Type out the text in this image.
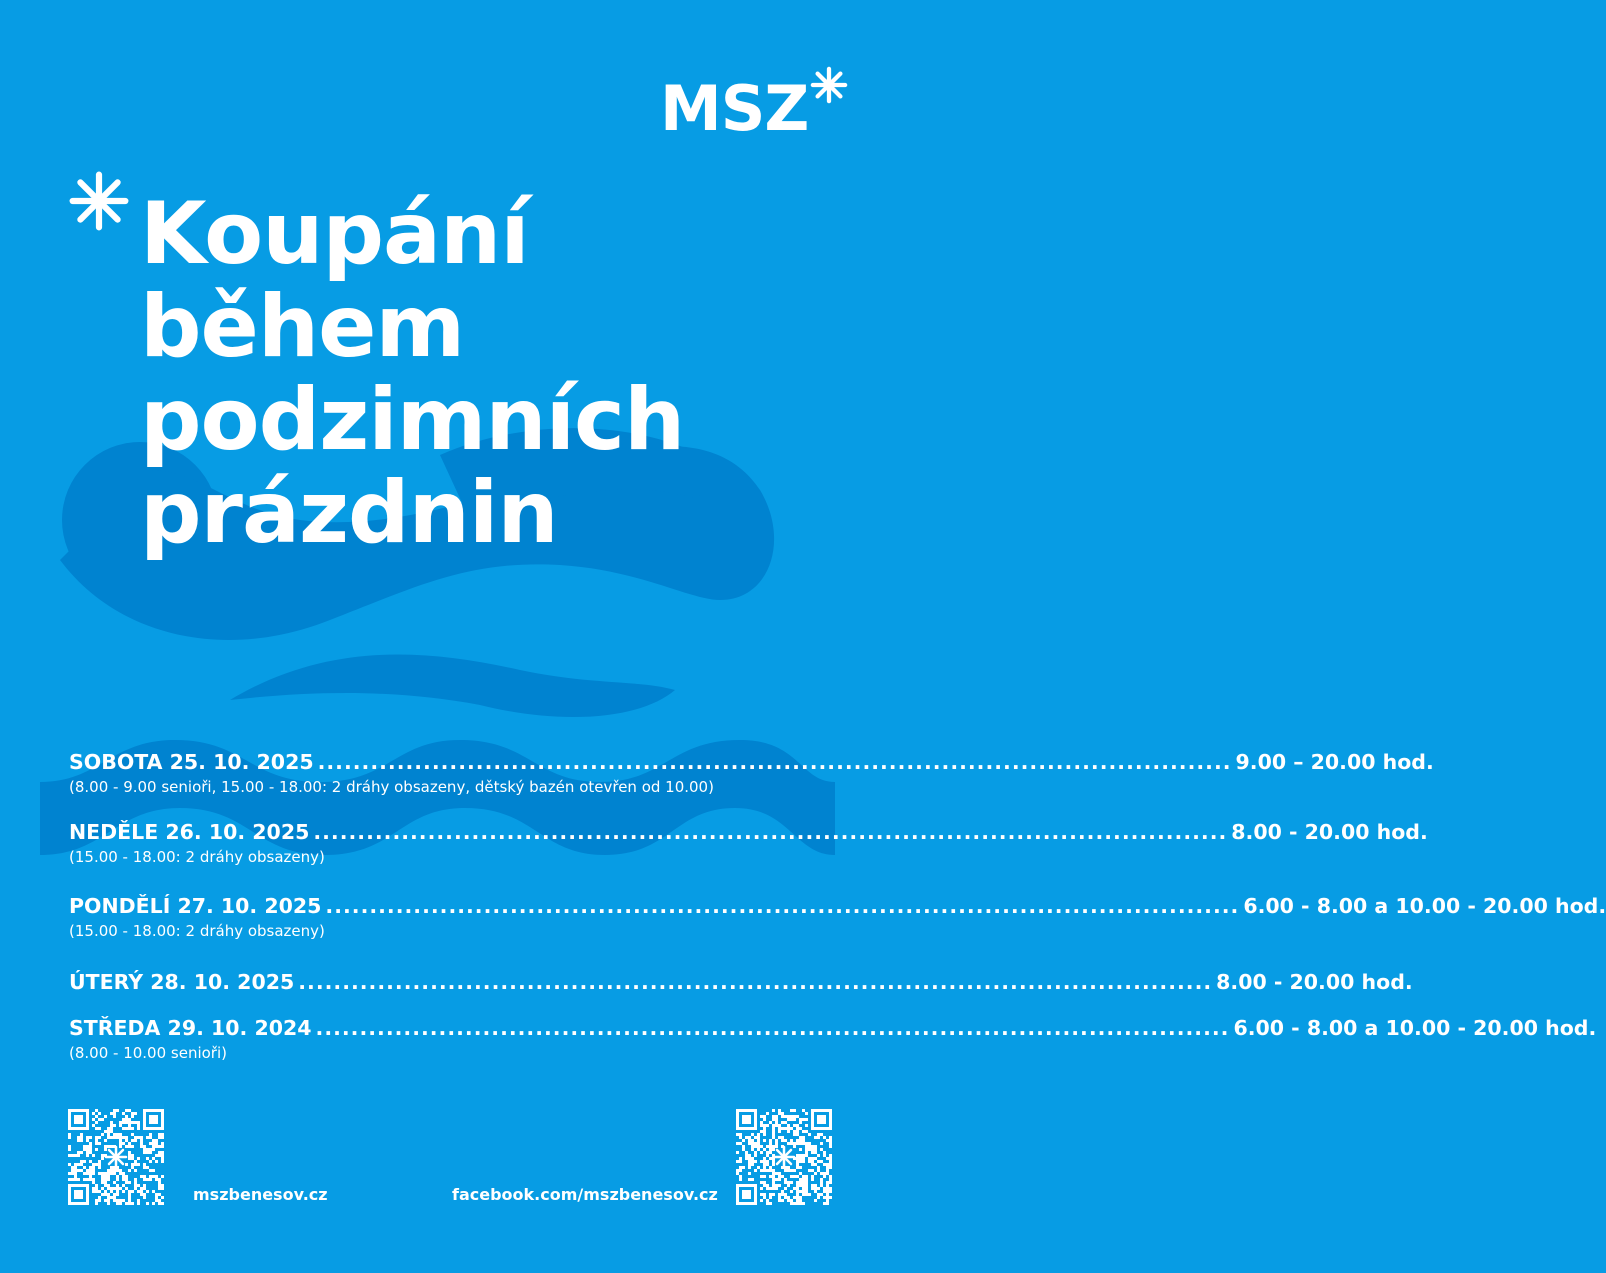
MSZ
Koupání
během
podzimních
prázdnin
SOBOTA 25. 10. 2025 ........................................................................................................ 9.00 – 20.00 hod.
(8.00 - 9.00 senioři, 15.00 - 18.00: 2 dráhy obsazeny, dětský bazén otevřen od 10.00)
NEDĚLE 26. 10. 2025 ........................................................................................................ 8.00 - 20.00 hod.
(15.00 - 18.00: 2 dráhy obsazeny)
PONDĚLÍ 27. 10. 2025 ........................................................................................................ 6.00 - 8.00 a 10.00 - 20.00 hod.
(15.00 - 18.00: 2 dráhy obsazeny)
ÚTERÝ 28. 10. 2025 ........................................................................................................ 8.00 - 20.00 hod.
STŘEDA 29. 10. 2024 ........................................................................................................ 6.00 - 8.00 a 10.00 - 20.00 hod.
(8.00 - 10.00 senioři)
mszbenesov.cz	facebook.com/mszbenesov.cz
